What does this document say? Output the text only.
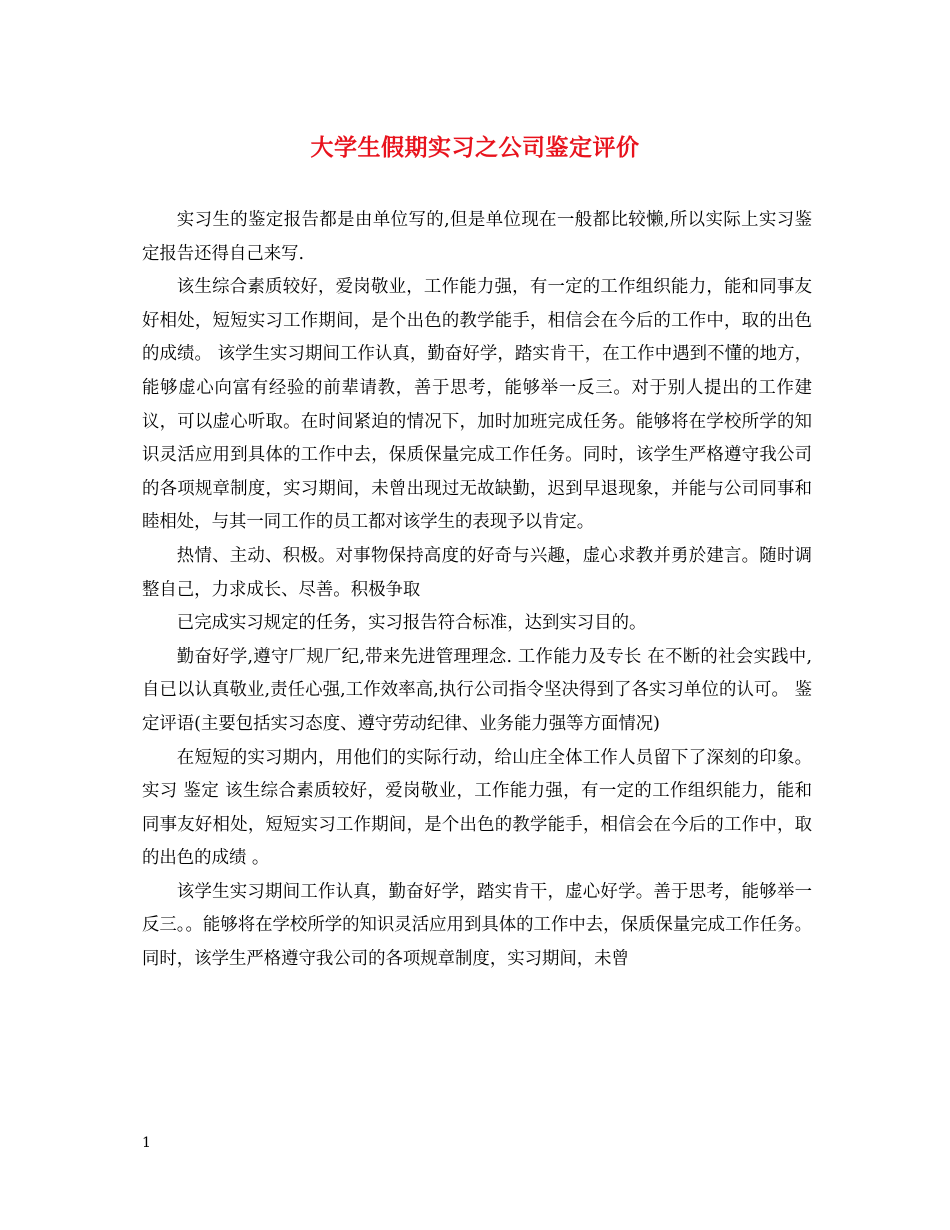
大学生假期实习之公司鉴定评价

实习生的鉴定报告都是由单位写的,但是单位现在一般都比较懒,所以实际上实习鉴定报告还得自己来写.

该生综合素质较好，爱岗敬业，工作能力强，有一定的工作组织能力，能和同事友好相处，短短实习工作期间，是个出色的教学能手，相信会在今后的工作中，取的出色的成绩。 该学生实习期间工作认真，勤奋好学，踏实肯干，在工作中遇到不懂的地方，能够虚心向富有经验的前辈请教，善于思考，能够举一反三。对于别人提出的工作建议，可以虚心听取。在时间紧迫的情况下，加时加班完成任务。能够将在学校所学的知识灵活应用到具体的工作中去，保质保量完成工作任务。同时，该学生严格遵守我公司的各项规章制度，实习期间，未曾出现过无故缺勤，迟到早退现象，并能与公司同事和睦相处，与其一同工作的员工都对该学生的表现予以肯定。

热情、主动、积极。对事物保持高度的好奇与兴趣，虚心求教并勇於建言。随时调整自己，力求成长、尽善。积极争取

已完成实习规定的任务，实习报告符合标准，达到实习目的。

勤奋好学,遵守厂规厂纪,带来先进管理理念. 工作能力及专长 在不断的社会实践中,自已以认真敬业,责任心强,工作效率高,执行公司指令坚决得到了各实习单位的认可。 鉴定评语(主要包括实习态度、遵守劳动纪律、业务能力强等方面情况)

在短短的实习期内，用他们的实际行动，给山庄全体工作人员留下了深刻的印象。实习 鉴定 该生综合素质较好，爱岗敬业，工作能力强，有一定的工作组织能力，能和同事友好相处，短短实习工作期间，是个出色的教学能手，相信会在今后的工作中，取的出色的成绩 。

该学生实习期间工作认真，勤奋好学，踏实肯干，虚心好学。善于思考，能够举一反三。。能够将在学校所学的知识灵活应用到具体的工作中去，保质保量完成工作任务。同时，该学生严格遵守我公司的各项规章制度，实习期间，未曾

1
